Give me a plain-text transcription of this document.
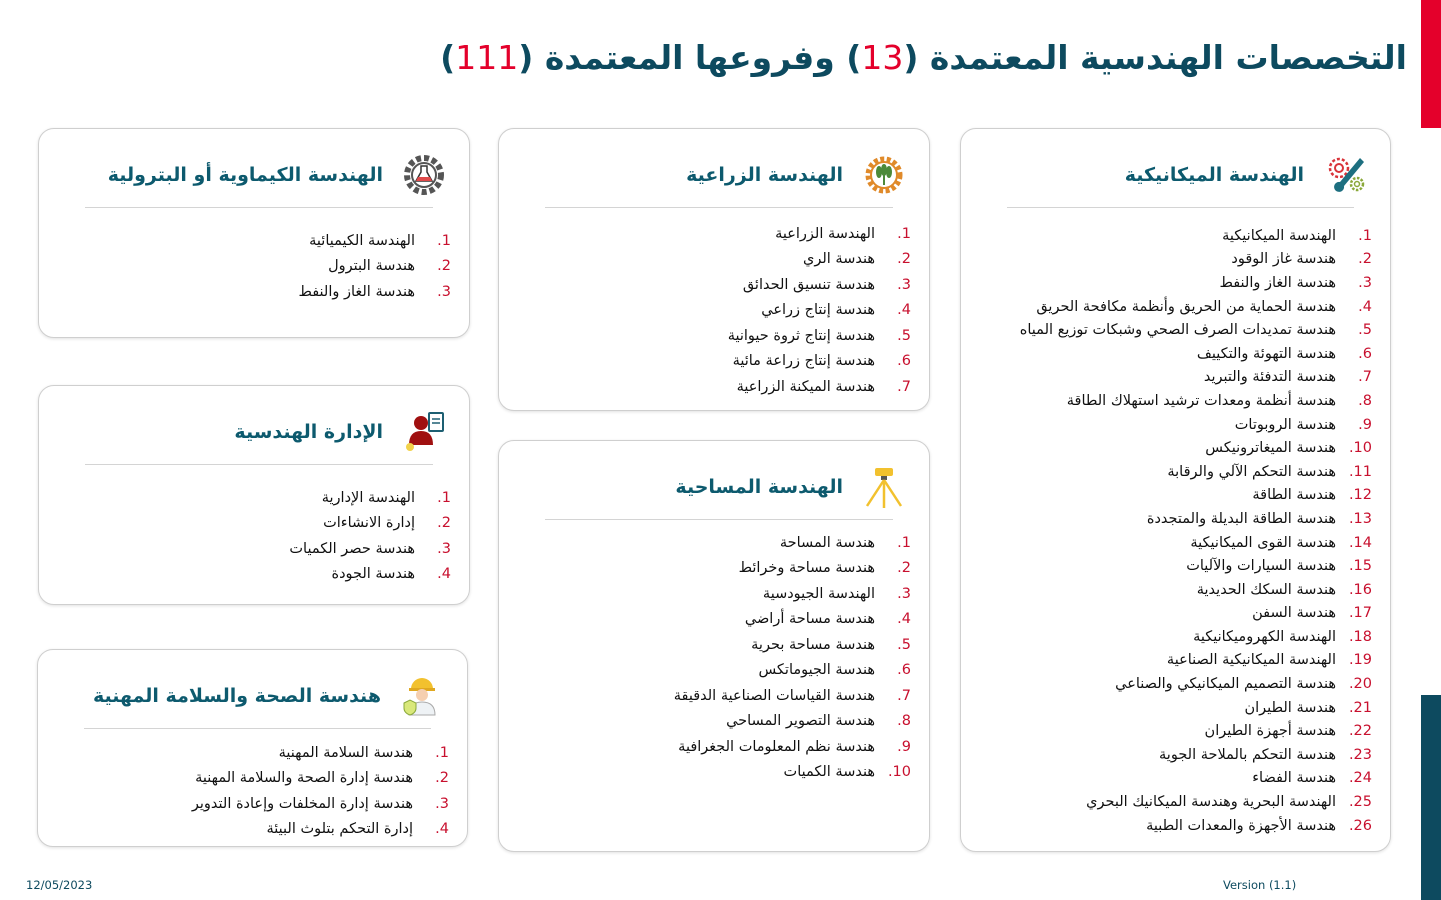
التخصصات الهندسية المعتمدة (13) وفروعها المعتمدة (111)
الهندسة الميكانيكية
1.
الهندسة الميكانيكية
2.
هندسة غاز الوقود
3.
هندسة الغاز والنفط
4.
هندسة الحماية من الحريق وأنظمة مكافحة الحريق
5.
هندسة تمديدات الصرف الصحي وشبكات توزيع المياه
6.
هندسة التهوئة والتكييف
7.
هندسة التدفئة والتبريد
8.
هندسة أنظمة ومعدات ترشيد استهلاك الطاقة
9.
هندسة الروبوتات
10.
هندسة الميغاترونيكس
11.
هندسة التحكم الآلي والرقابة
12.
هندسة الطاقة
13.
هندسة الطاقة البديلة والمتجددة
14.
هندسة القوى الميكانيكية
15.
هندسة السيارات والآليات
16.
هندسة السكك الحديدية
17.
هندسة السفن
18.
الهندسة الكهروميكانيكية
19.
الهندسة الميكانيكية الصناعية
20.
هندسة التصميم الميكانيكي والصناعي
21.
هندسة الطيران
22.
هندسة أجهزة الطيران
23.
هندسة التحكم بالملاحة الجوية
24.
هندسة الفضاء
25.
الهندسة البحرية وهندسة الميكانيك البحري
26.
هندسة الأجهزة والمعدات الطبية
الهندسة الزراعية
1.
الهندسة الزراعية
2.
هندسة الري
3.
هندسة تنسيق الحدائق
4.
هندسة إنتاج زراعي
5.
هندسة إنتاج ثروة حيوانية
6.
هندسة إنتاج زراعة مائية
7.
هندسة الميكنة الزراعية
الهندسة المساحية
1.
هندسة المساحة
2.
هندسة مساحة وخرائط
3.
الهندسة الجيودسية
4.
هندسة مساحة أراضي
5.
هندسة مساحة بحرية
6.
هندسة الجيوماتكس
7.
هندسة القياسات الصناعية الدقيقة
8.
هندسة التصوير المساحي
9.
هندسة نظم المعلومات الجغرافية
10.
هندسة الكميات
الهندسة الكيماوية أو البترولية
1.
الهندسة الكيميائية
2.
هندسة البترول
3.
هندسة الغاز والنفط
الإدارة الهندسية
1.
الهندسة الإدارية
2.
إدارة الانشاءات
3.
هندسة حصر الكميات
4.
هندسة الجودة
هندسة الصحة والسلامة المهنية
1.
هندسة السلامة المهنية
2.
هندسة إدارة الصحة والسلامة المهنية
3.
هندسة إدارة المخلفات وإعادة التدوير
4.
إدارة التحكم بتلوث البيئة
12/05/2023	Version (1.1)
